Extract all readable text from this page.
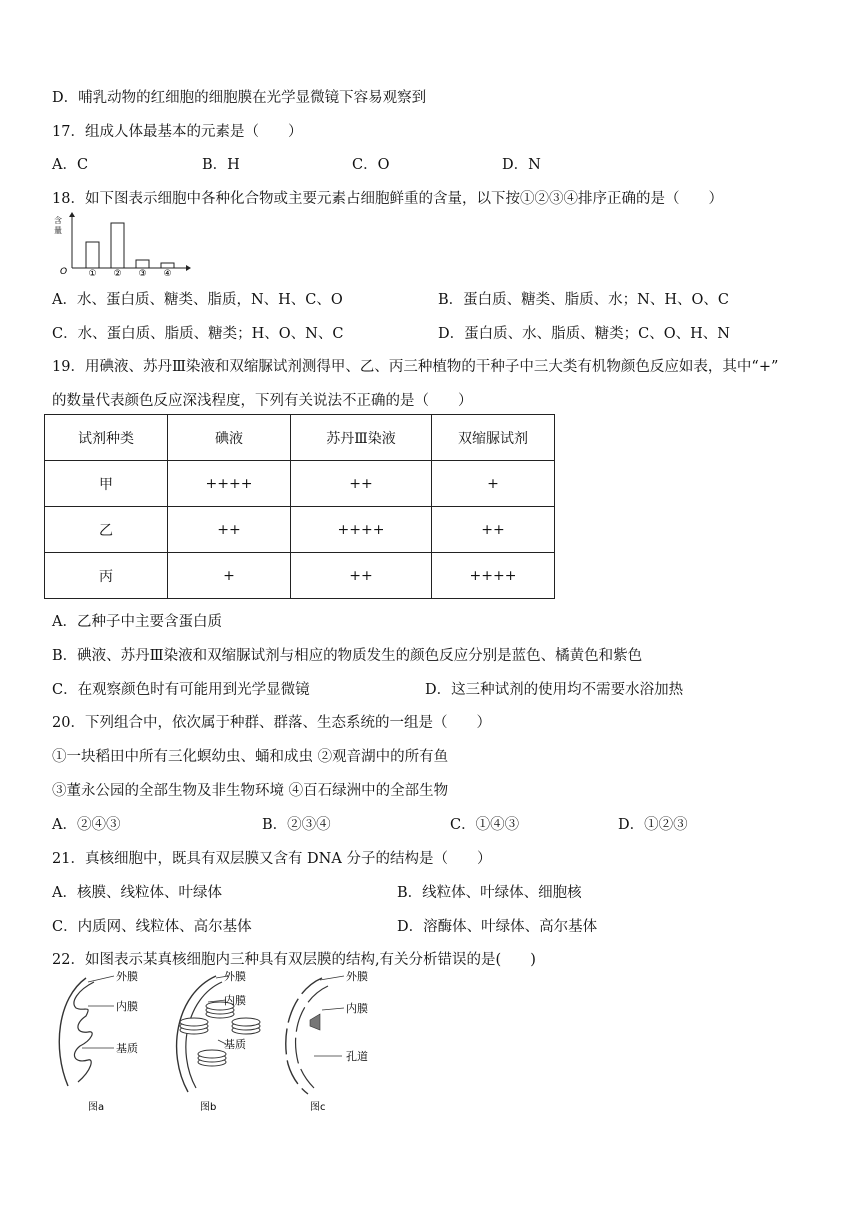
D．哺乳动物的红细胞的细胞膜在光学显微镜下容易观察到
17．组成人体最基本的元素是（　　）
A．C	B．H	C．O	D．N
18．如下图表示细胞中各种化合物或主要元素占细胞鲜重的含量，以下按①②③④排序正确的是（　　）
含
量
O ① ② ③ ④
A．水、蛋白质、糖类、脂质，N、H、C、O	B．蛋白质、糖类、脂质、水；N、H、O、C
C．水、蛋白质、脂质、糖类；H、O、N、C	D．蛋白质、水、脂质、糖类；C、O、H、N
19．用碘液、苏丹Ⅲ染液和双缩脲试剂测得甲、乙、丙三种植物的干种子中三大类有机物颜色反应如表，其中“+”
的数量代表颜色反应深浅程度，下列有关说法不正确的是（　　）
试剂种类	碘液	苏丹Ⅲ染液	双缩脲试剂
甲	++++	++	+
乙	++	++++	++
丙	+	++	++++
A．乙种子中主要含蛋白质
B．碘液、苏丹Ⅲ染液和双缩脲试剂与相应的物质发生的颜色反应分别是蓝色、橘黄色和紫色
C．在观察颜色时有可能用到光学显微镜	D．这三种试剂的使用均不需要水浴加热
20．下列组合中，依次属于种群、群落、生态系统的一组是（　　）
①一块稻田中所有三化螟幼虫、蛹和成虫 ②观音湖中的所有鱼
③董永公园的全部生物及非生物环境 ④百石绿洲中的全部生物
A．②④③	B．②③④	C．①④③	D．①②③
21．真核细胞中，既具有双层膜又含有 DNA 分子的结构是（　　）
A．核膜、线粒体、叶绿体	B．线粒体、叶绿体、细胞核
C．内质网、线粒体、高尔基体	D．溶酶体、叶绿体、高尔基体
22．如图表示某真核细胞内三种具有双层膜的结构,有关分析错误的是(　　)
外膜
内膜
基质
图a
外膜
内膜
基质
图b
外膜
内膜
孔道
图c
